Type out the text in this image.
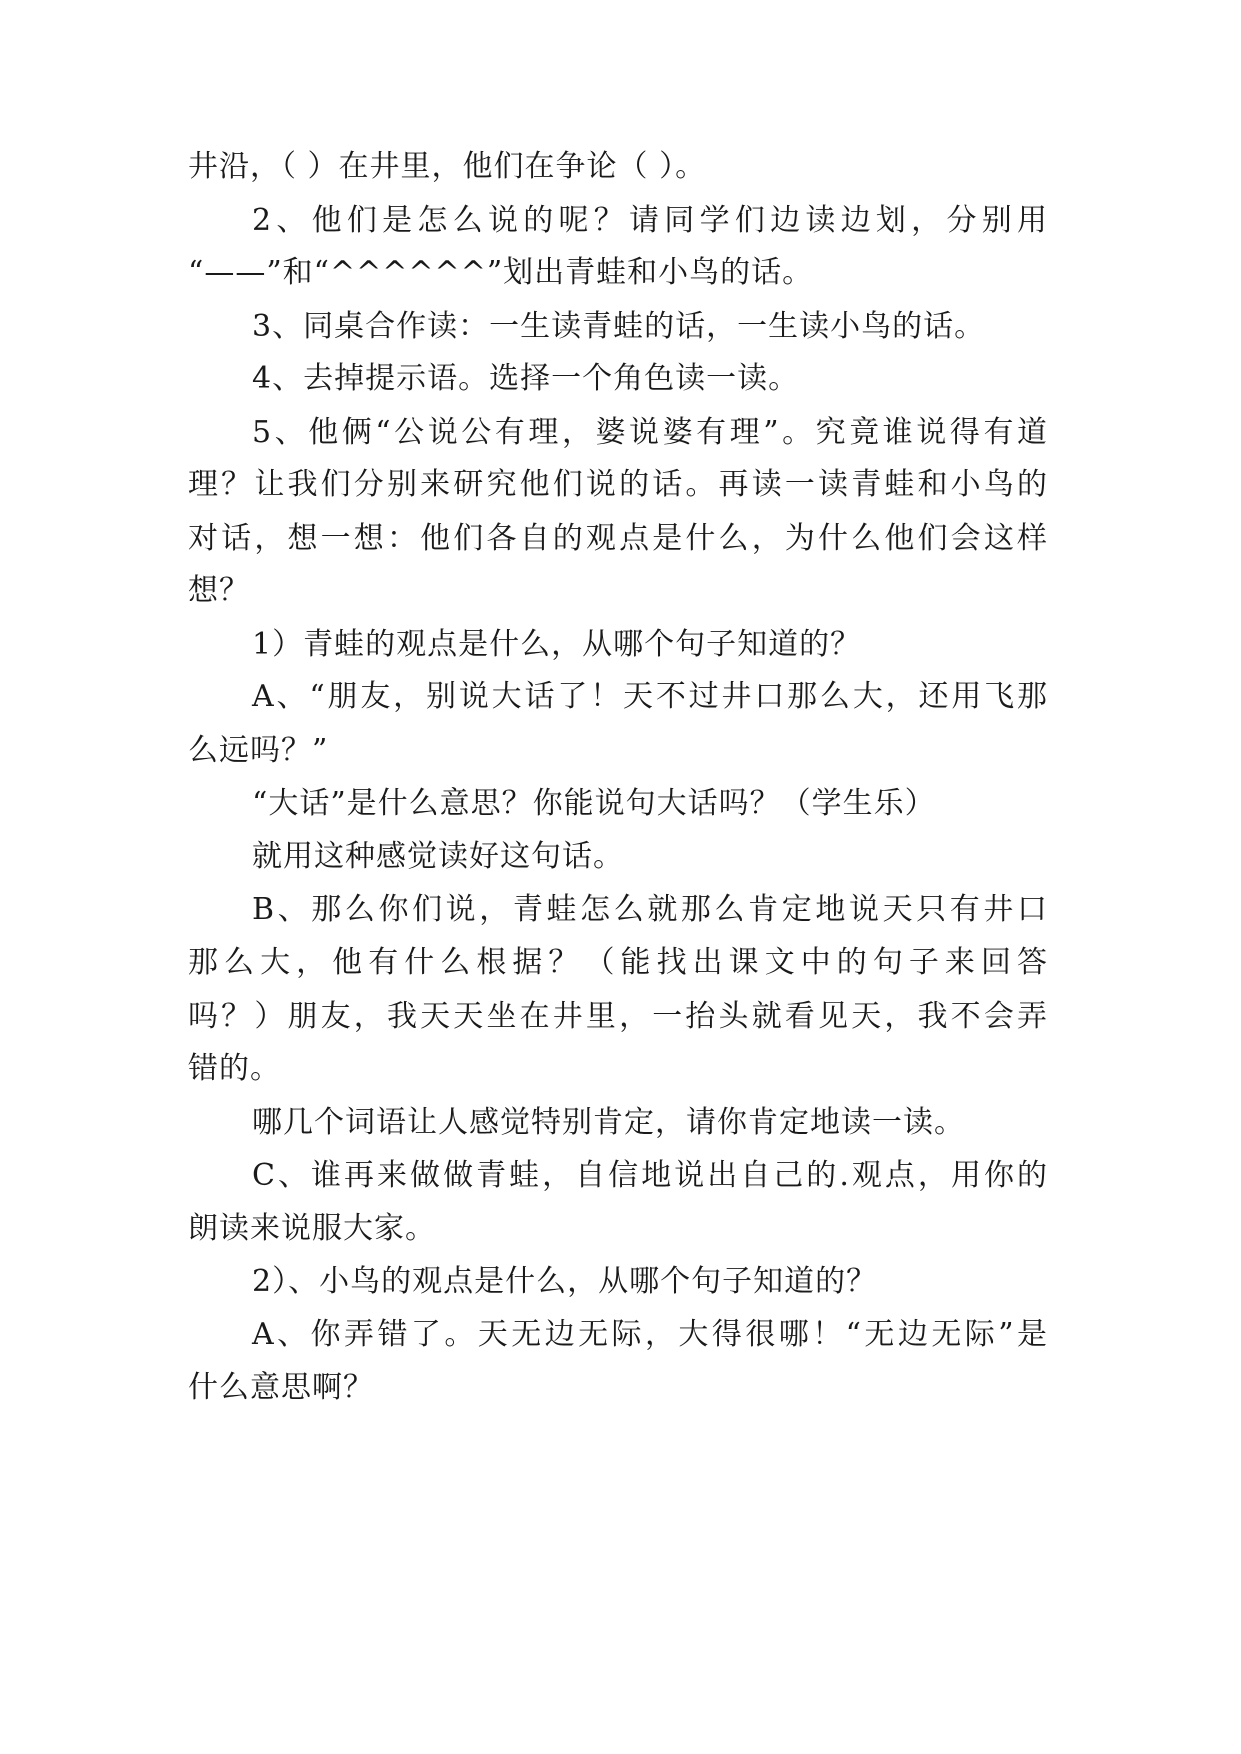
井沿，（ ）在井里，他们在争论（ ）。
2、他们是怎么说的呢？请同学们边读边划，分别用
“——”和“^^^^^^”划出青蛙和小鸟的话。
3、同桌合作读：一生读青蛙的话，一生读小鸟的话。
4、去掉提示语。选择一个角色读一读。
5、他俩“公说公有理，婆说婆有理”。究竟谁说得有道
理？让我们分别来研究他们说的话。再读一读青蛙和小鸟的
对话，想一想：他们各自的观点是什么，为什么他们会这样
想？
1）青蛙的观点是什么，从哪个句子知道的？
A、“朋友，别说大话了！天不过井口那么大，还用飞那
么远吗？”
“大话”是什么意思？你能说句大话吗？（学生乐）
就用这种感觉读好这句话。
B、那么你们说，青蛙怎么就那么肯定地说天只有井口
那么大，他有什么根据？（能找出课文中的句子来回答
吗？）朋友，我天天坐在井里，一抬头就看见天，我不会弄
错的。
哪几个词语让人感觉特别肯定，请你肯定地读一读。
C、谁再来做做青蛙，自信地说出自己的.观点，用你的
朗读来说服大家。
2）、小鸟的观点是什么，从哪个句子知道的？
A、你弄错了。天无边无际，大得很哪！“无边无际”是
什么意思啊？
